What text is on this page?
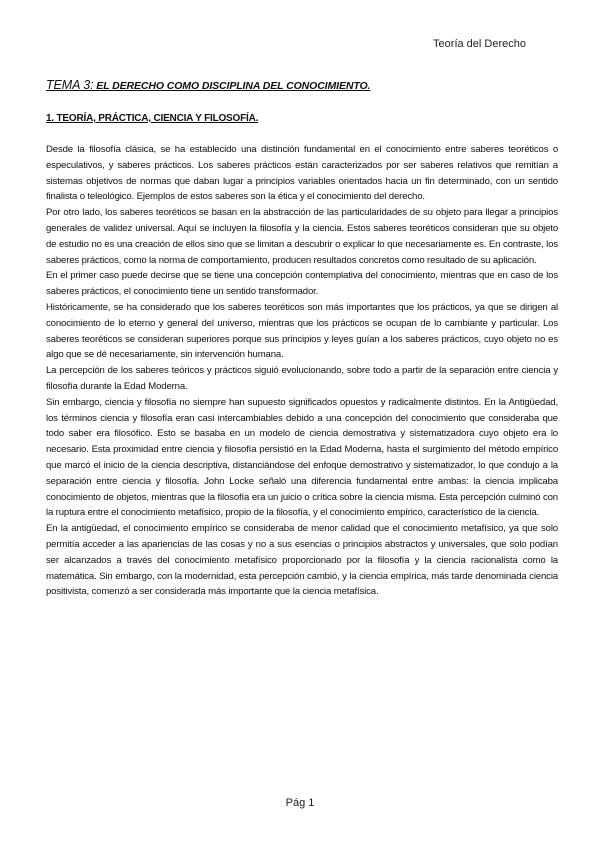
Teoría del Derecho
TEMA 3: EL DERECHO COMO DISCIPLINA DEL CONOCIMIENTO.
1. TEORÍA, PRÁCTICA, CIENCIA Y FILOSOFÍA.

Desde la filosofía clásica, se ha establecido una distinción fundamental en el conocimiento entre saberes teoréticos o especulativos, y saberes prácticos. Los saberes prácticos están caracterizados por ser saberes relativos que remitían a sistemas objetivos de normas que daban lugar a principios variables orientados hacia un fin determinado, con un sentido finalista o teleológico. Ejemplos de estos saberes son la ética y el conocimiento del derecho.

Por otro lado, los saberes teoréticos se basan en la abstracción de las particularidades de su objeto para llegar a principios generales de validez universal. Aquí se incluyen la filosofía y la ciencia. Estos saberes teoréticos consideran que su objeto de estudio no es una creación de ellos sino que se limitan a descubrir o explicar lo que necesariamente es. En contraste, los saberes prácticos, como la norma de comportamiento, producen resultados concretos como resultado de su aplicación.

En el primer caso puede decirse que se tiene una concepción contemplativa del conocimiento, mientras que en caso de los saberes prácticos, el conocimiento tiene un sentido transformador.

Históricamente, se ha considerado que los saberes teoréticos son más importantes que los prácticos, ya que se dirigen al conocimiento de lo eterno y general del universo, mientras que los prácticos se ocupan de lo cambiante y particular. Los saberes teoréticos se consideran superiores porque sus principios y leyes guían a los saberes prácticos, cuyo objeto no es algo que se dé necesariamente, sin intervención humana.

La percepción de los saberes teóricos y prácticos siguió evolucionando, sobre todo a partir de la separación entre ciencia y filosofía durante la Edad Moderna.

Sin embargo, ciencia y filosofía no siempre han supuesto significados opuestos y radicalmente distintos. En la Antigüedad, los términos ciencia y filosofía eran casi intercambiables debido a una concepción del conocimiento que consideraba que todo saber era filosófico. Esto se basaba en un modelo de ciencia demostrativa y sistematizadora cuyo objeto era lo necesario. Esta proximidad entre ciencia y filosofía persistió en la Edad Moderna, hasta el surgimiento del método empírico que marcó el inicio de la ciencia descriptiva, distanciándose del enfoque demostrativo y sistematizador, lo que condujo a la separación entre ciencia y filosofía. John Locke señaló una diferencia fundamental entre ambas: la ciencia implicaba conocimiento de objetos, mientras que la filosofía era un juicio o crítica sobre la ciencia misma. Esta percepción culminó con la ruptura entre el conocimiento metafísico, propio de la filosofía, y el conocimiento empírico, característico de la ciencia.

En la antigüedad, el conocimiento empírico se consideraba de menor calidad que el conocimiento metafísico, ya que solo permitía acceder a las apariencias de las cosas y no a sus esencias o principios abstractos y universales, que solo podían ser alcanzados a través del conocimiento metafísico proporcionado por la filosofía y la ciencia racionalista como la matemática. Sin embargo, con la modernidad, esta percepción cambió, y la ciencia empírica, más tarde denominada ciencia positivista, comenzó a ser considerada más importante que la ciencia metafísica.

Pág 1
